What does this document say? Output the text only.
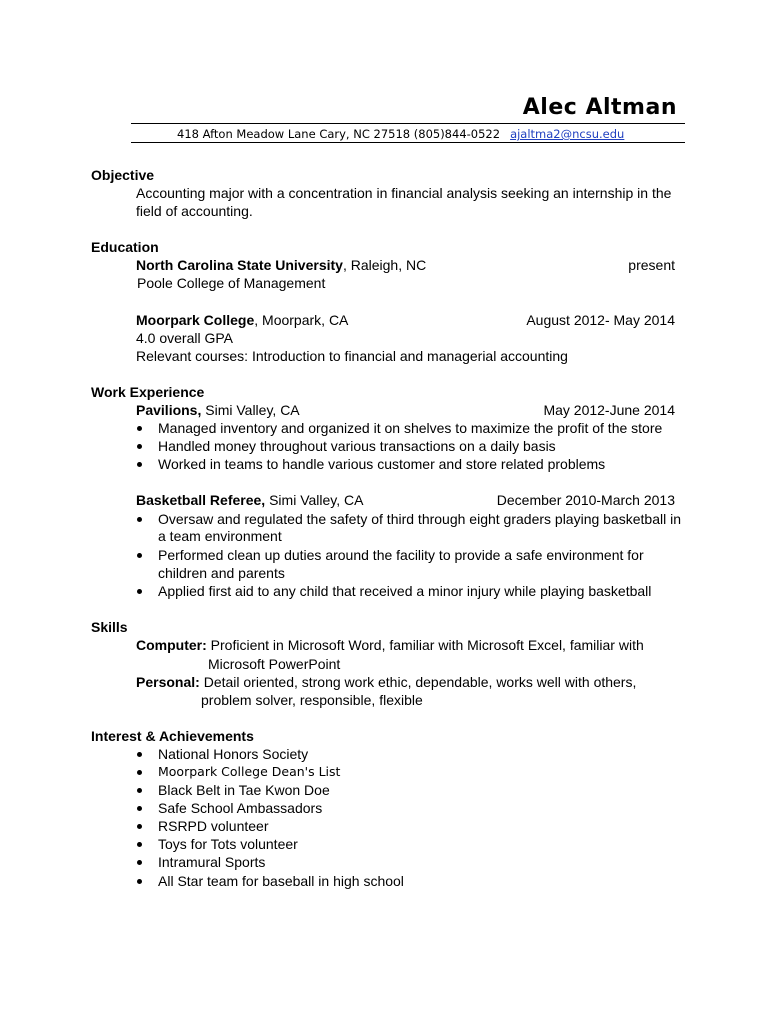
Alec Altman
418 Afton Meadow Lane Cary, NC 27518 (805)844-0522 ajaltma2@ncsu.edu
Objective
Accounting major with a concentration in financial analysis seeking an internship in the
field of accounting.
Education
North Carolina State University, Raleigh, NC	present
Poole College of Management
Moorpark College, Moorpark, CA	August 2012- May 2014
4.0 overall GPA
Relevant courses: Introduction to financial and managerial accounting
Work Experience
Pavilions, Simi Valley, CA	May 2012-June 2014
Managed inventory and organized it on shelves to maximize the profit of the store
Handled money throughout various transactions on a daily basis
Worked in teams to handle various customer and store related problems
Basketball Referee, Simi Valley, CA	December 2010-March 2013
Oversaw and regulated the safety of third through eight graders playing basketball in
a team environment
Performed clean up duties around the facility to provide a safe environment for
children and parents
Applied first aid to any child that received a minor injury while playing basketball
Skills
Computer: Proficient in Microsoft Word, familiar with Microsoft Excel, familiar with
Microsoft PowerPoint
Personal: Detail oriented, strong work ethic, dependable, works well with others,
problem solver, responsible, flexible
Interest & Achievements
National Honors Society
Moorpark College Dean's List
Black Belt in Tae Kwon Doe
Safe School Ambassadors
RSRPD volunteer
Toys for Tots volunteer
Intramural Sports
All Star team for baseball in high school
